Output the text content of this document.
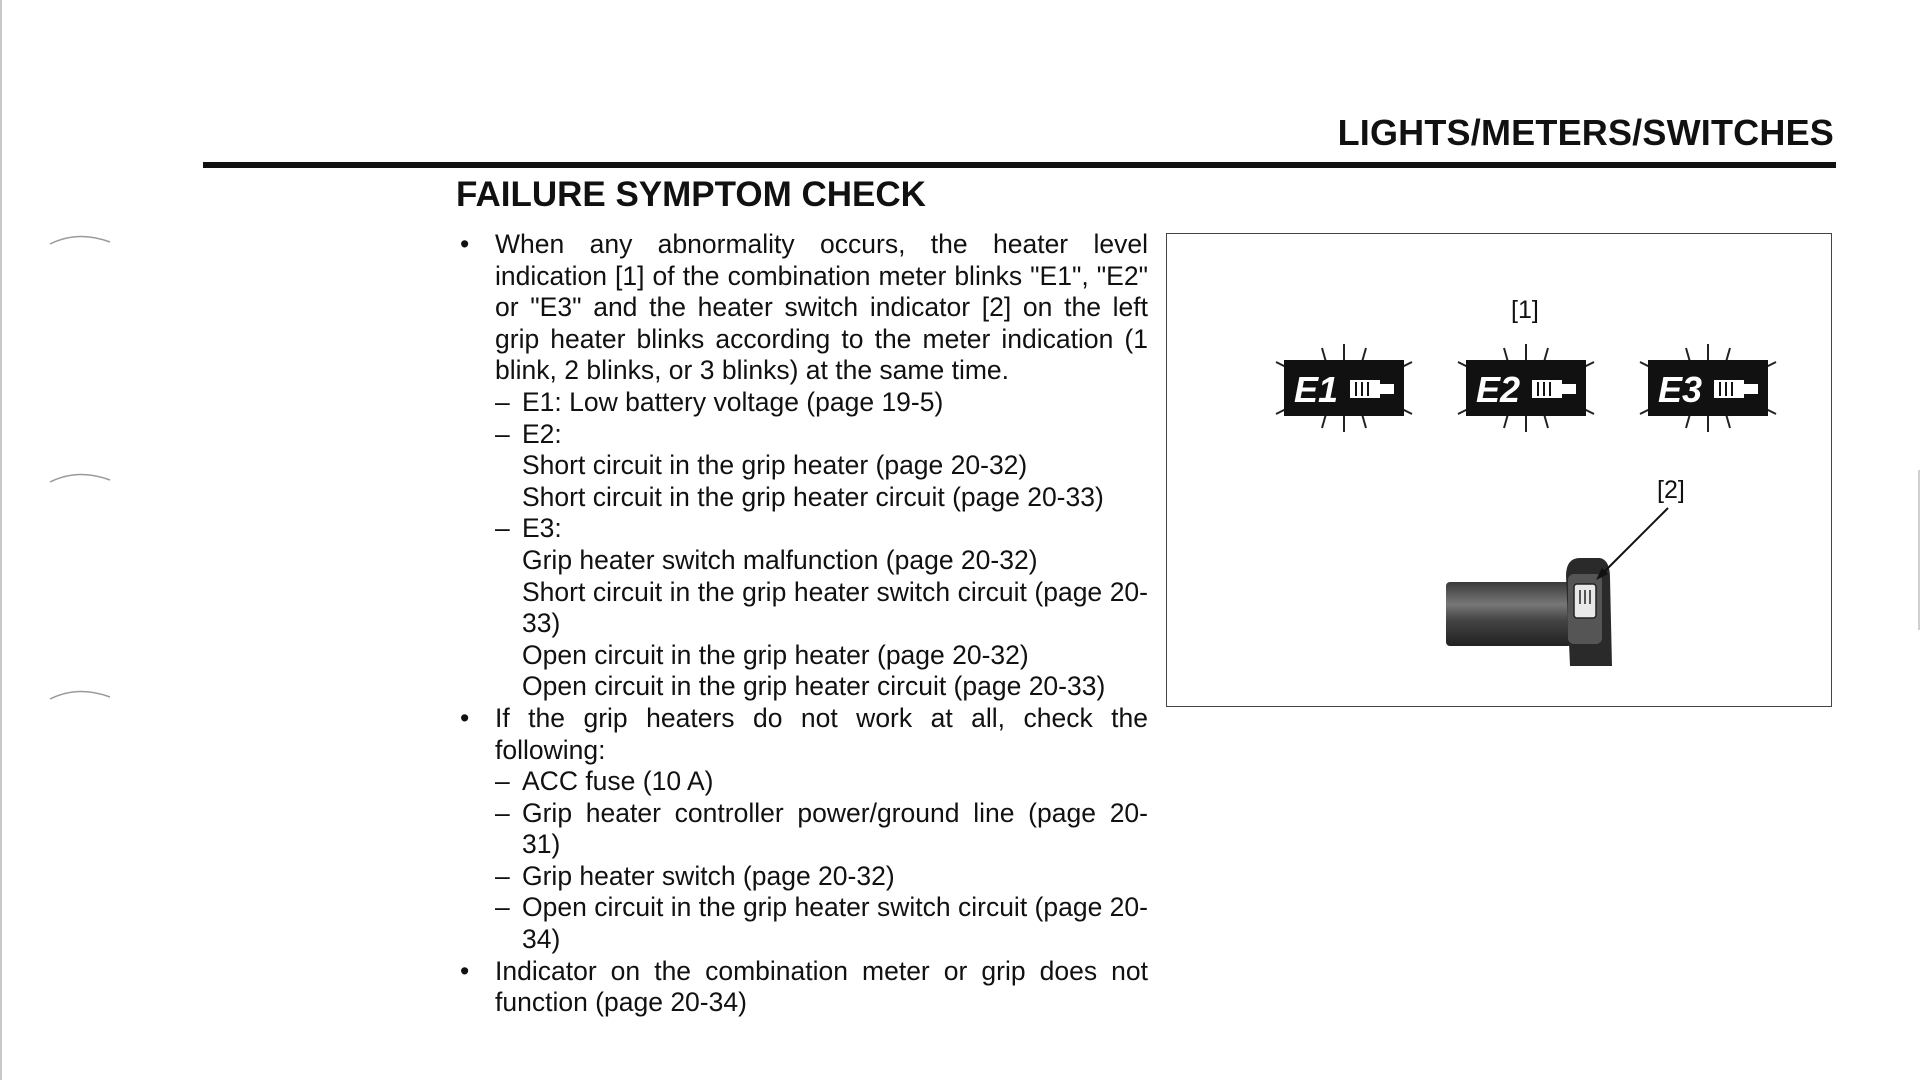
LIGHTS/METERS/SWITCHES
FAILURE SYMPTOM CHECK
• When any abnormality occurs, the heater level indication [1] of the combination meter blinks "E1", "E2" or "E3" and the heater switch indicator [2] on the left grip heater blinks according to the meter indication (1 blink, 2 blinks, or 3 blinks) at the same time.
– E1: Low battery voltage (page 19-5)
– E2:
Short circuit in the grip heater (page 20-32)
Short circuit in the grip heater circuit (page 20-33)
– E3:
Grip heater switch malfunction (page 20-32)
Short circuit in the grip heater switch circuit (page 20-33)
Open circuit in the grip heater (page 20-32)
Open circuit in the grip heater circuit (page 20-33)
• If the grip heaters do not work at all, check the following:
– ACC fuse (10 A)
– Grip heater controller power/ground line (page 20-31)
– Grip heater switch (page 20-32)
– Open circuit in the grip heater switch circuit (page 20-34)
• Indicator on the combination meter or grip does not function (page 20-34)
[1]
[2]
E1	E2	E3
